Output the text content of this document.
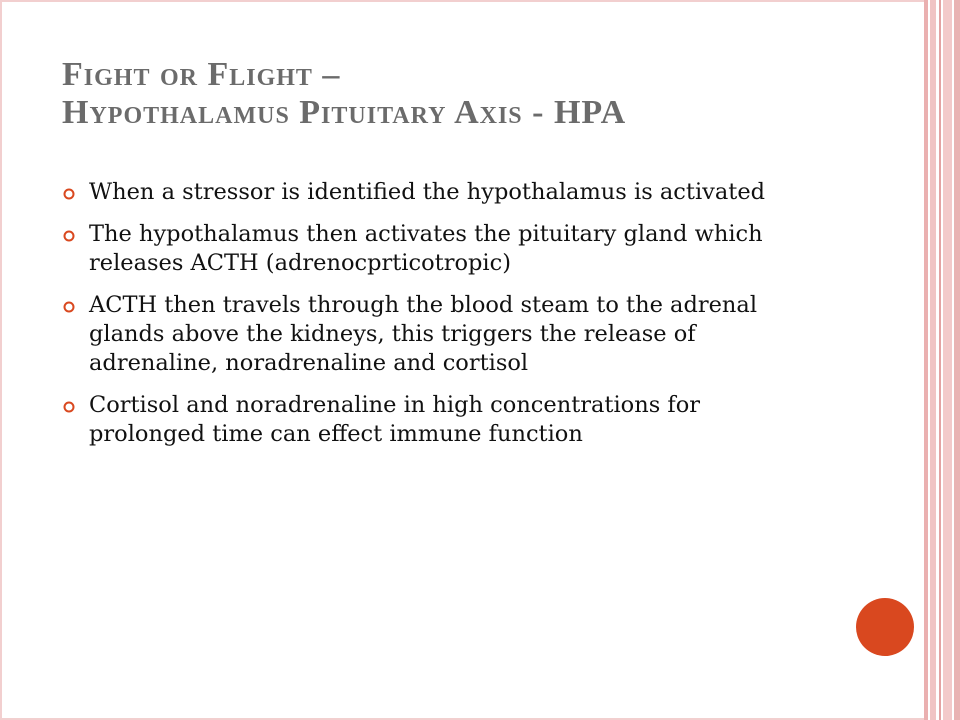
Fight or Flight –
Hypothalamus Pituitary Axis - HPA
When a stressor is identified the hypothalamus is activated
The hypothalamus then activates the pituitary gland which releases ACTH (adrenocprticotropic)
ACTH then travels through the blood steam to the adrenal glands above the kidneys, this triggers the release of adrenaline, noradrenaline and cortisol
Cortisol and noradrenaline in high concentrations for prolonged time can effect immune function
